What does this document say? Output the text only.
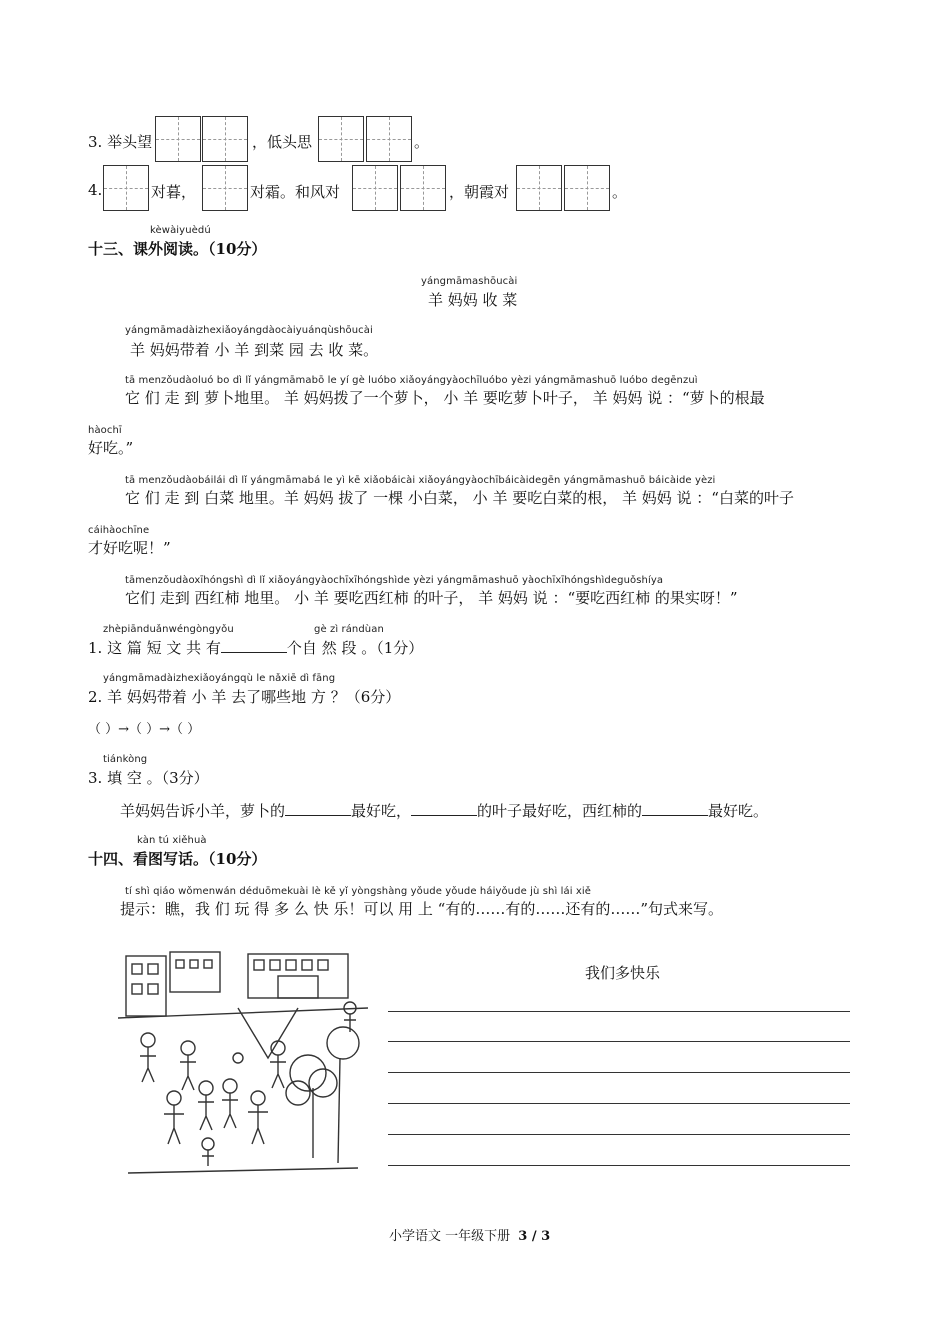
3. 举头望	，低头思	。
4.	对暮，	对霜。和风对	，朝霞对	。
kèwàiyuèdú
十三、课外阅读。（10分）
yángmāmashōucài
羊 妈妈 收 菜
yángmāmadàizhexiǎoyángdàocàiyuánqùshōucài
羊 妈妈带着 小 羊 到菜 园 去 收 菜。
tā menzǒudàoluó bo dì lǐ yángmāmabō le yí gè luóbo xiǎoyángyàochīluóbo yèzi yángmāmashuō luóbo degēnzuì
它 们 走 到 萝卜地里。 羊 妈妈拨了一个萝卜， 小 羊 要吃萝卜叶子， 羊 妈妈 说 ：“萝卜的根最
hàochī
好吃。”
tā menzǒudàobáilái dì lǐ yángmāmabá le yì kē xiǎobáicài xiǎoyángyàochībáicàidegēn yángmāmashuō báicàide yèzi
它 们 走 到 白菜 地里。羊 妈妈 拔了 一棵 小白菜， 小 羊 要吃白菜的根， 羊 妈妈 说 ：“白菜的叶子
cáihàochīne
才好吃呢！”
tāmenzǒudàoxīhóngshì dì lǐ xiǎoyángyàochīxīhóngshìde yèzi yángmāmashuō yàochīxīhóngshìdeguǒshíya
它们 走到 西红柿 地里。 小 羊 要吃西红柿 的叶子， 羊 妈妈 说 ：“要吃西红柿 的果实呀！”
zhèpiānduǎnwéngòngyǒu	gè zì rándùan
1. 这 篇 短 文 共 有	个自 然 段 。（1分）
yángmāmadàizhexiǎoyángqù le nǎxiē dì fāng
2. 羊 妈妈带着 小 羊 去了哪些地 方 ？（6分）
（ ）→（ ）→（ ）
tiánkòng
3. 填 空 。（3分）
羊妈妈告诉小羊，萝卜的	最好吃，	的叶子最好吃，西红柿的	最好吃。
kàn tú xiěhuà
十四、看图写话。（10分）
tí shì qiáo wǒmenwán déduōmekuài lè kě yǐ yòngshàng yǒude yǒude háiyǒude jù shì lái xiě
提示：瞧，我 们 玩 得 多 么 快 乐！可以 用 上 “有的……有的……还有的……”句式来写。
我们多快乐
小学语文 一年级下册 3 / 3
